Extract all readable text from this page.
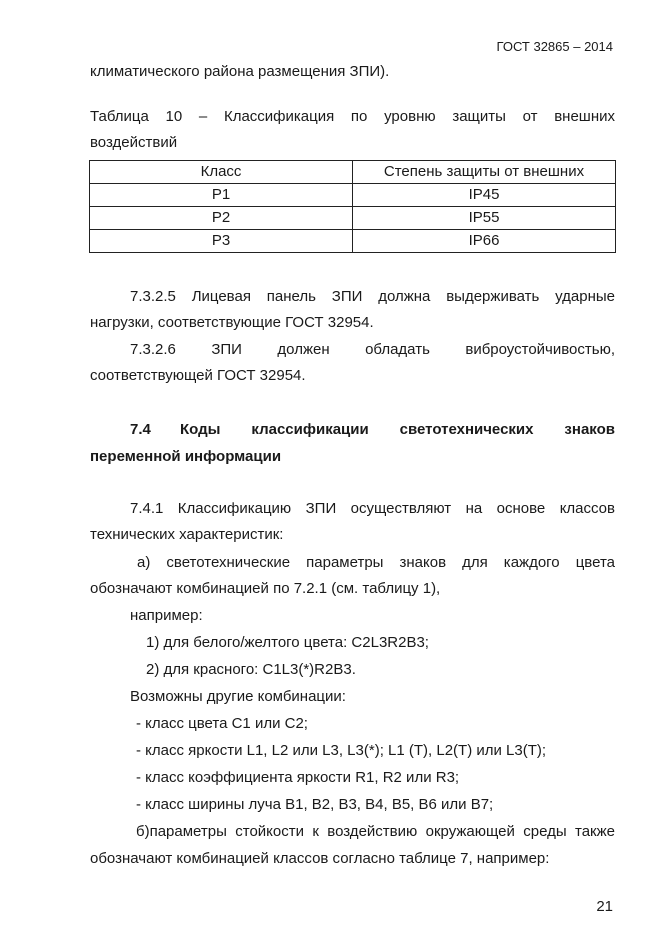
ГОСТ 32865 – 2014
климатического района размещения ЗПИ).
Таблица 10 – Классификация по уровню защиты от внешних
воздействий
Класс	Степень защиты от внешних
P1	IP45
P2	IP55
P3	IP66
7.3.2.5 Лицевая панель ЗПИ должна выдерживать ударные
нагрузки, соответствующие ГОСТ 32954.
7.3.2.6 ЗПИ должен обладать виброустойчивостью,
соответствующей ГОСТ 32954.
7.4 Коды классификации светотехнических знаков
переменной информации
7.4.1 Классификацию ЗПИ осуществляют на основе классов
технических характеристик:
а) светотехнические параметры знаков для каждого цвета
обозначают комбинацией по 7.2.1 (см. таблицу 1),
например:
1) для белого/желтого цвета: C2L3R2B3;
2) для красного: C1L3(*)R2B3.
Возможны другие комбинации:
- класс цвета C1 или C2;
- класс яркости L1, L2 или L3, L3(*); L1 (T), L2(T) или L3(T);
- класс коэффициента яркости R1, R2 или R3;
- класс ширины луча B1, B2, B3, B4, B5, B6 или B7;
б)параметры стойкости к воздействию окружающей среды также
обозначают комбинацией классов согласно таблице 7, например:
21
